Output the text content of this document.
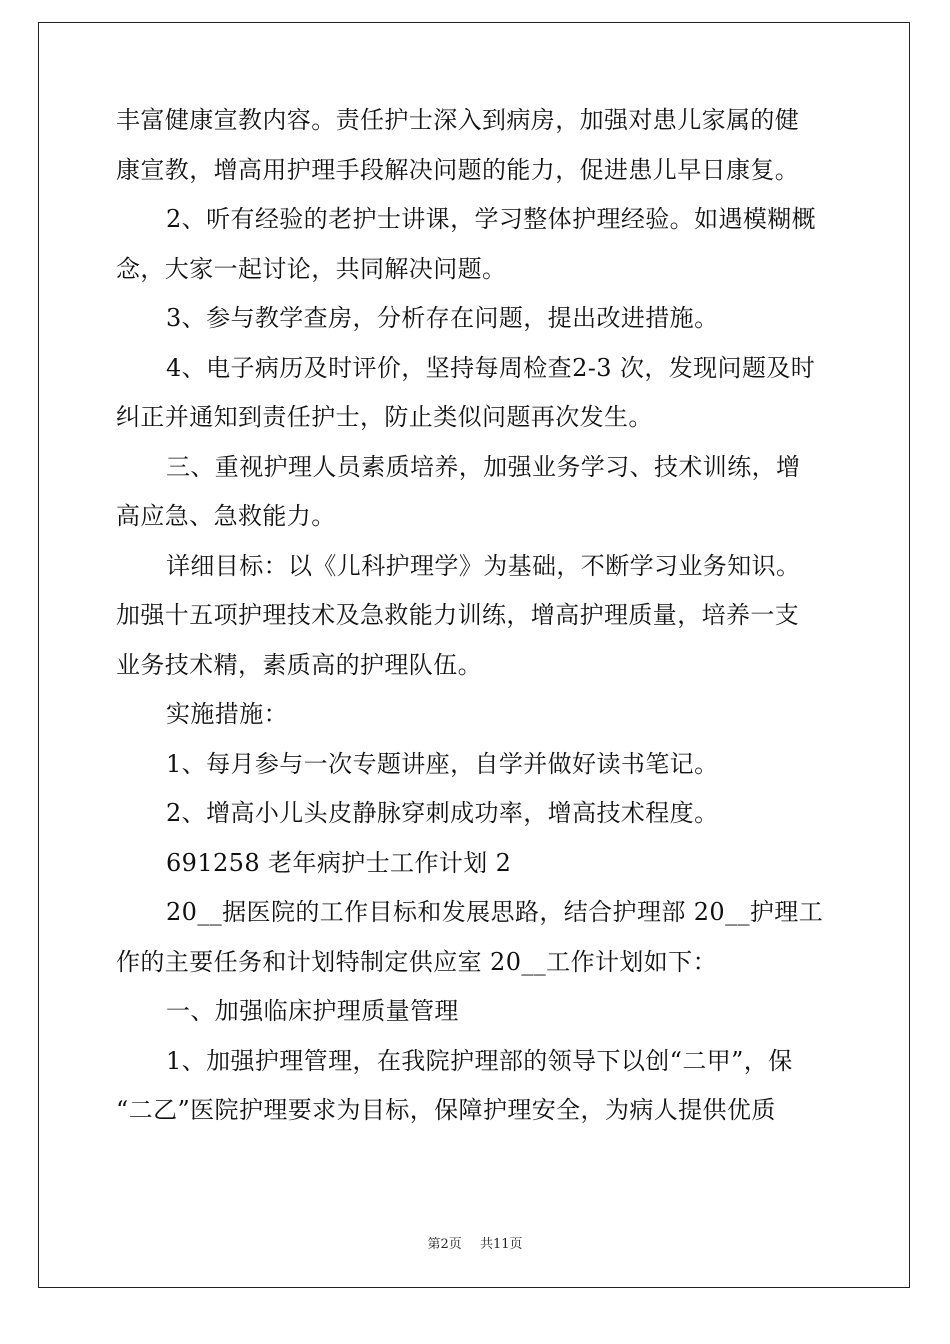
丰富健康宣教内容。责任护士深入到病房，加强对患儿家属的健

康宣教，增高用护理手段解决问题的能力，促进患儿早日康复。

2、听有经验的老护士讲课，学习整体护理经验。如遇模糊概

念，大家一起讨论，共同解决问题。

3、参与教学查房，分析存在问题，提出改进措施。

4、电子病历及时评价，坚持每周检查2-3 次，发现问题及时

纠正并通知到责任护士，防止类似问题再次发生。

三、重视护理人员素质培养，加强业务学习、技术训练，增

高应急、急救能力。

详细目标：以《儿科护理学》为基础，不断学习业务知识。

加强十五项护理技术及急救能力训练，增高护理质量，培养一支

业务技术精，素质高的护理队伍。

实施措施：

1、每月参与一次专题讲座，自学并做好读书笔记。

2、增高小儿头皮静脉穿刺成功率，增高技术程度。

691258 老年病护士工作计划 2

20__据医院的工作目标和发展思路，结合护理部 20__护理工

作的主要任务和计划特制定供应室 20__工作计划如下：

一、加强临床护理质量管理

1、加强护理管理，在我院护理部的领导下以创“二甲”，保

“二乙”医院护理要求为目标，保障护理安全，为病人提供优质

第2页 共11页
